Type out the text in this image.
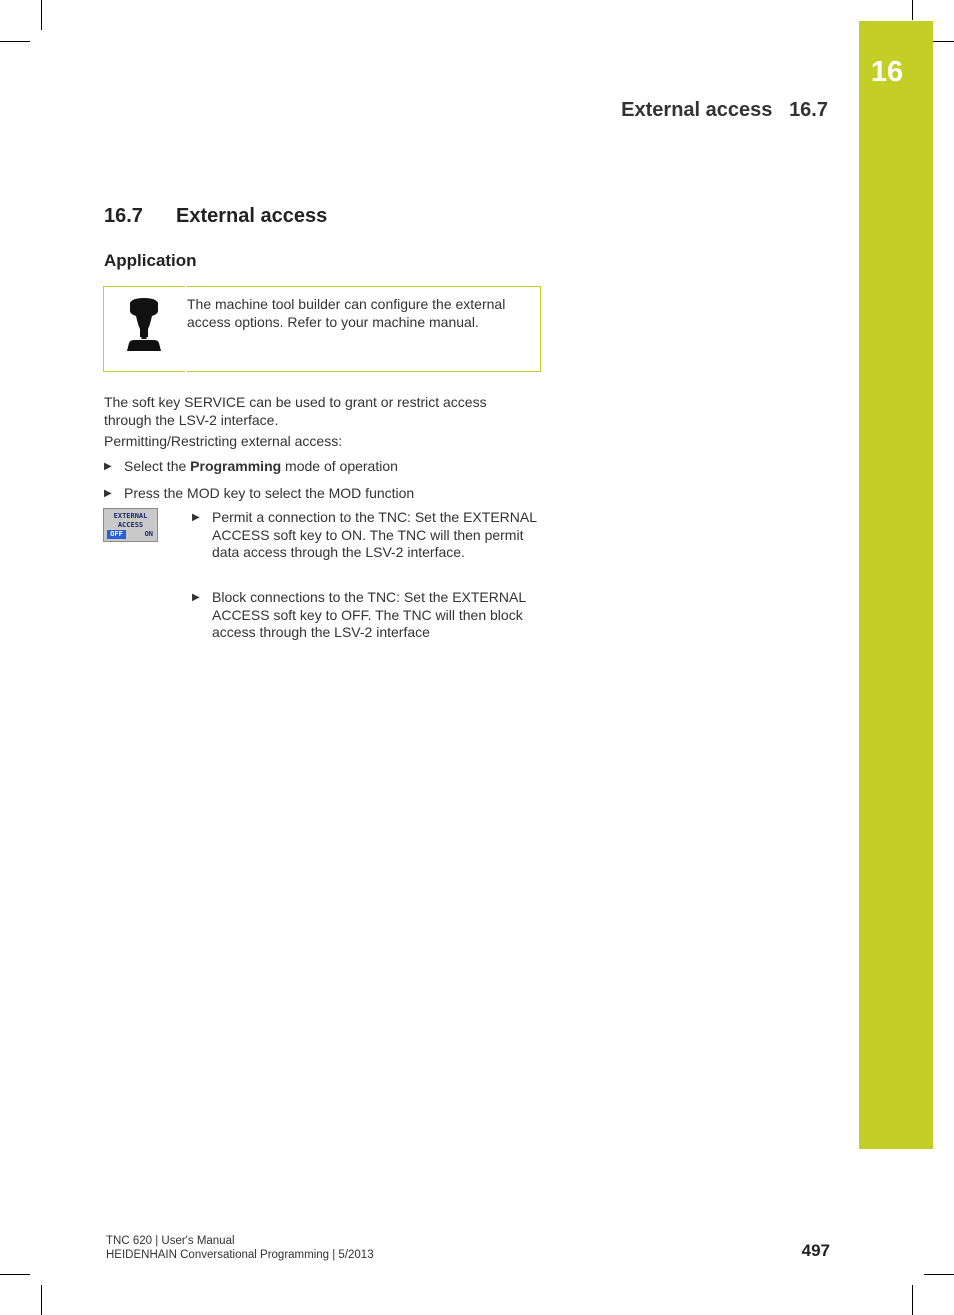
16
External access   16.7
16.7 External access
Application
The machine tool builder can configure the external access options. Refer to your machine manual.
The soft key SERVICE can be used to grant or restrict access through the LSV-2 interface.
Permitting/Restricting external access:
▶ Select the Programming mode of operation
▶ Press the MOD key to select the MOD function
EXTERNAL
ACCESS
OFF	ON
▶ Permit a connection to the TNC: Set the EXTERNAL ACCESS soft key to ON. The TNC will then permit data access through the LSV-2 interface.
▶ Block connections to the TNC: Set the EXTERNAL ACCESS soft key to OFF. The TNC will then block access through the LSV-2 interface
TNC 620 | User's Manual
HEIDENHAIN Conversational Programming | 5/2013	497
